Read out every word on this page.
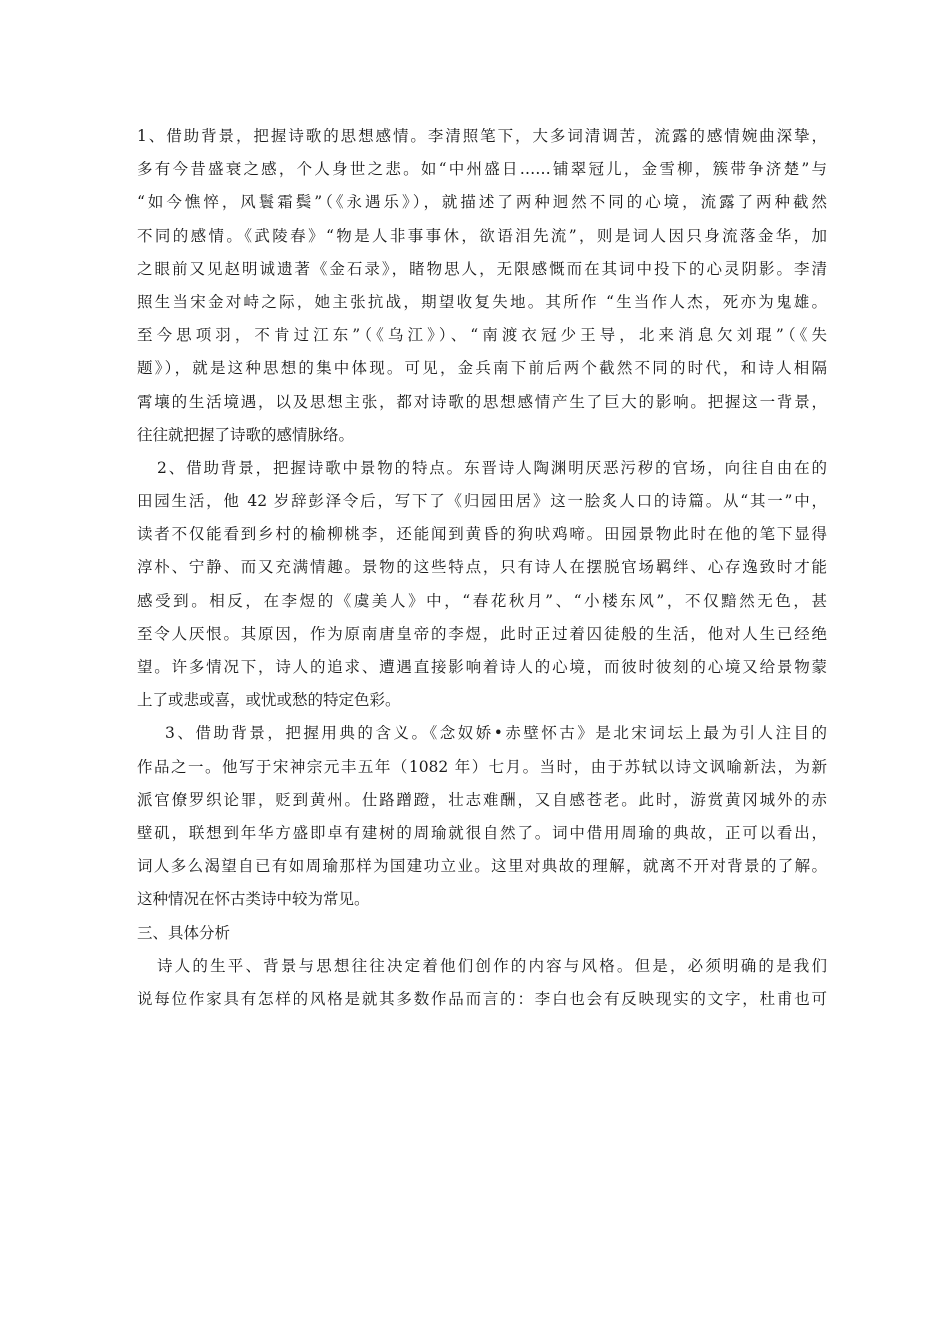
1、借助背景，把握诗歌的思想感情。李清照笔下，大多词清调苦，流露的感情婉曲深挚，
多有今昔盛衰之感，个人身世之悲。如“中州盛日……铺翠冠儿，金雪柳，簇带争济楚”与
“如今憔悴，风鬟霜鬓”（《永遇乐》），就描述了两种迥然不同的心境，流露了两种截然
不同的感情。《武陵春》“物是人非事事休，欲语泪先流”，则是词人因只身流落金华，加
之眼前又见赵明诚遗著《金石录》，睹物思人，无限感慨而在其词中投下的心灵阴影。李清
照生当宋金对峙之际，她主张抗战，期望收复失地。其所作 “生当作人杰，死亦为鬼雄。
至今思项羽，不肯过江东”（《乌江》）、“南渡衣冠少王导，北来消息欠刘琨”（《失
题》），就是这种思想的集中体现。可见，金兵南下前后两个截然不同的时代，和诗人相隔
霄壤的生活境遇，以及思想主张，都对诗歌的思想感情产生了巨大的影响。把握这一背景，
往往就把握了诗歌的感情脉络。
2、借助背景，把握诗歌中景物的特点。东晋诗人陶渊明厌恶污秽的官场，向往自由在的
田园生活，他 42 岁辞彭泽令后，写下了《归园田居》这一脍炙人口的诗篇。从“其一”中，
读者不仅能看到乡村的榆柳桃李，还能闻到黄昏的狗吠鸡啼。田园景物此时在他的笔下显得
淳朴、宁静、而又充满情趣。景物的这些特点，只有诗人在摆脱官场羁绊、心存逸致时才能
感受到。相反，在李煜的《虞美人》中，“春花秋月”、“小楼东风”，不仅黯然无色，甚
至令人厌恨。其原因，作为原南唐皇帝的李煜，此时正过着囚徒般的生活，他对人生已经绝
望。许多情况下，诗人的追求、遭遇直接影响着诗人的心境，而彼时彼刻的心境又给景物蒙
上了或悲或喜，或忧或愁的特定色彩。
3、借助背景，把握用典的含义。《念奴娇•赤壁怀古》是北宋词坛上最为引人注目的
作品之一。他写于宋神宗元丰五年（1082 年）七月。当时，由于苏轼以诗文讽喻新法，为新
派官僚罗织论罪，贬到黄州。仕路蹭蹬，壮志难酬，又自感苍老。此时，游赏黄冈城外的赤
壁矶，联想到年华方盛即卓有建树的周瑜就很自然了。词中借用周瑜的典故，正可以看出，
词人多么渴望自已有如周瑜那样为国建功立业。这里对典故的理解，就离不开对背景的了解。
这种情况在怀古类诗中较为常见。
三、具体分析
诗人的生平、背景与思想往往决定着他们创作的内容与风格。但是，必须明确的是我们
说每位作家具有怎样的风格是就其多数作品而言的：李白也会有反映现实的文字，杜甫也可
